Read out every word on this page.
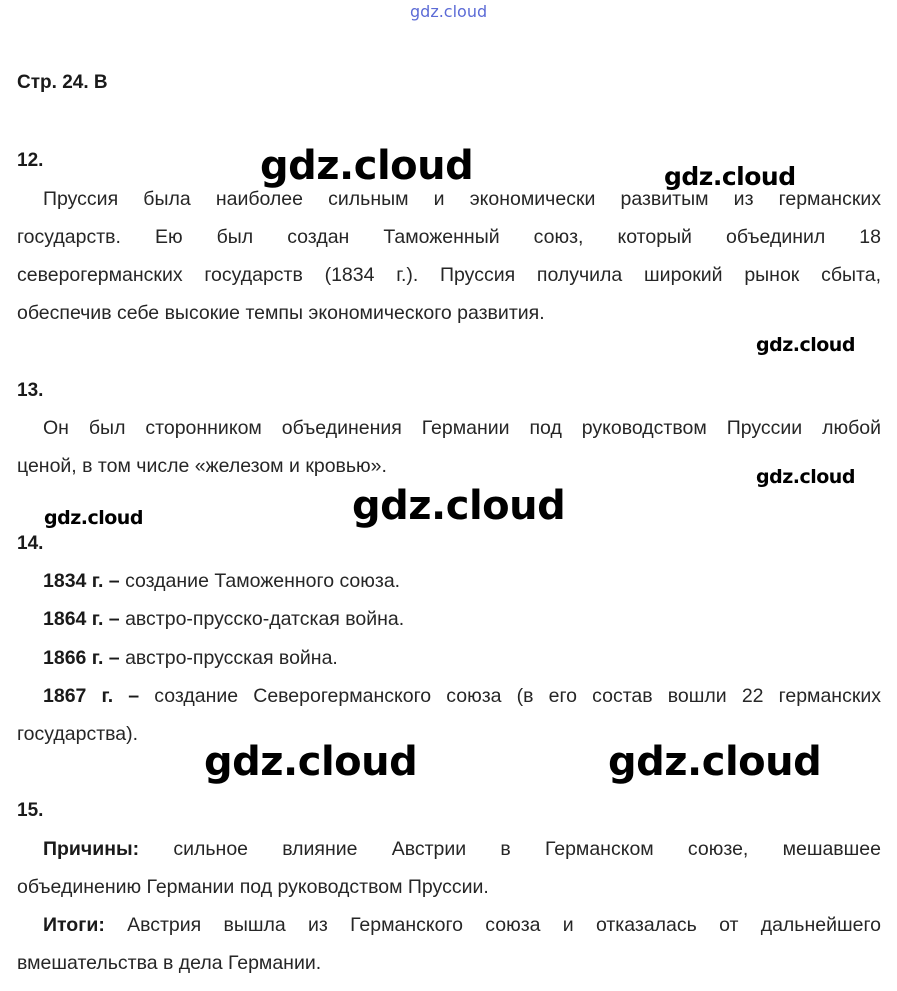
gdz.cloud
gdz.cloud	gdz.cloud
gdz.cloud
gdz.cloud
gdz.cloud	gdz.cloud
gdz.cloud	gdz.cloud
Стр. 24. В
12.
Пруссия была наиболее сильным и экономически развитым из германских
государств. Ею был создан Таможенный союз, который объединил 18
северогерманских государств (1834 г.). Пруссия получила широкий рынок сбыта,
обеспечив себе высокие темпы экономического развития.
13.
Он был сторонником объединения Германии под руководством Пруссии любой
ценой, в том числе «железом и кровью».
14.
1834 г. – создание Таможенного союза.
1864 г. – австро-прусско-датская война.
1866 г. – австро-прусская война.
1867 г. – создание Северогерманского союза (в его состав вошли 22 германских
государства).
15.
Причины: сильное влияние Австрии в Германском союзе, мешавшее
объединению Германии под руководством Пруссии.
Итоги: Австрия вышла из Германского союза и отказалась от дальнейшего
вмешательства в дела Германии.
